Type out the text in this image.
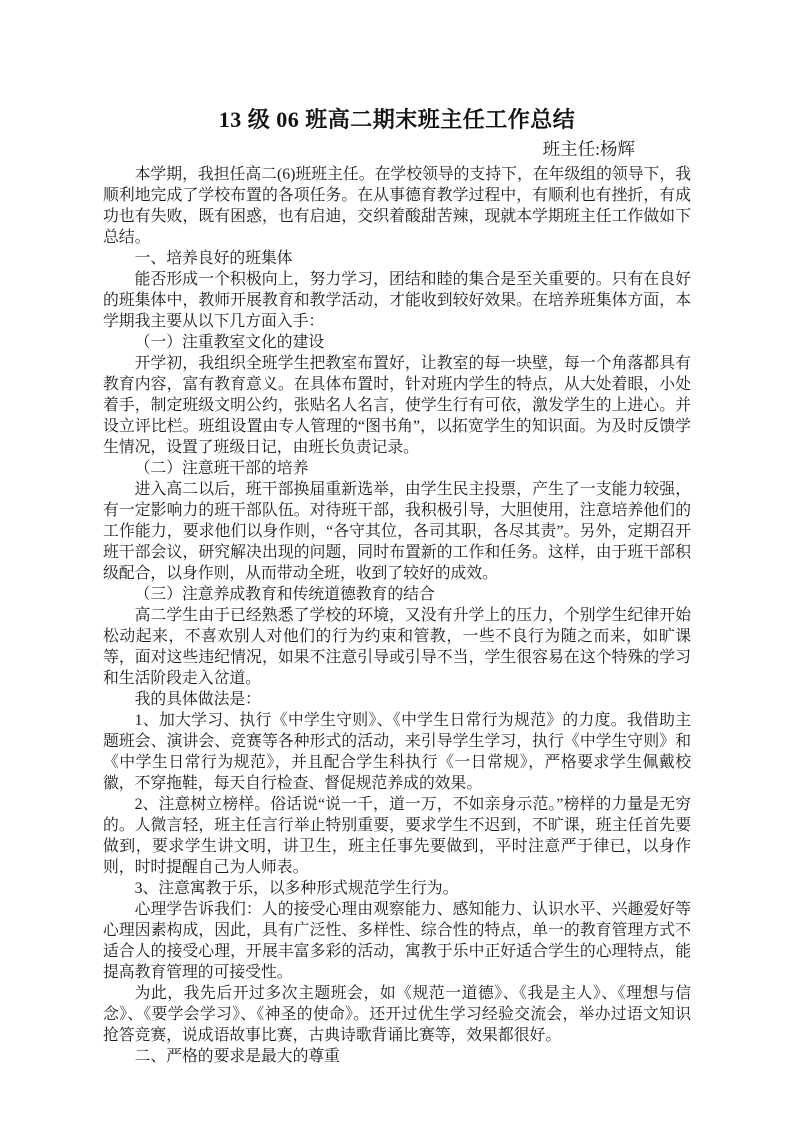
13 级 06 班高二期末班主任工作总结

班主任:杨辉

本学期，我担任高二(6)班班主任。在学校领导的支持下，在年级组的领导下，我顺利地完成了学校布置的各项任务。在从事德育教学过程中，有顺利也有挫折，有成功也有失败，既有困惑，也有启迪，交织着酸甜苦辣，现就本学期班主任工作做如下总结。

一、培养良好的班集体

能否形成一个积极向上，努力学习，团结和睦的集合是至关重要的。只有在良好的班集体中，教师开展教育和教学活动，才能收到较好效果。在培养班集体方面，本学期我主要从以下几方面入手：

（一）注重教室文化的建设

开学初，我组织全班学生把教室布置好，让教室的每一块壁，每一个角落都具有教育内容，富有教育意义。在具体布置时，针对班内学生的特点，从大处着眼，小处着手，制定班级文明公约，张贴名人名言，使学生行有可依，激发学生的上进心。并设立评比栏。班组设置由专人管理的“图书角”，以拓宽学生的知识面。为及时反馈学生情况，设置了班级日记，由班长负责记录。

（二）注意班干部的培养

进入高二以后，班干部换届重新选举，由学生民主投票，产生了一支能力较强，有一定影响力的班干部队伍。对待班干部，我积极引导，大胆使用，注意培养他们的工作能力，要求他们以身作则，“各守其位，各司其职，各尽其责”。另外，定期召开班干部会议，研究解决出现的问题，同时布置新的工作和任务。这样，由于班干部积级配合，以身作则，从而带动全班，收到了较好的成效。

（三）注意养成教育和传统道德教育的结合

高二学生由于已经熟悉了学校的环境，又没有升学上的压力，个别学生纪律开始松动起来，不喜欢别人对他们的行为约束和管教，一些不良行为随之而来，如旷课等，面对这些违纪情况，如果不注意引导或引导不当，学生很容易在这个特殊的学习和生活阶段走入岔道。

我的具体做法是：

1、加大学习、执行《中学生守则》、《中学生日常行为规范》的力度。我借助主题班会、演讲会、竞赛等各种形式的活动，来引导学生学习，执行《中学生守则》和《中学生日常行为规范》，并且配合学生科执行《一日常规》，严格要求学生佩戴校徽，不穿拖鞋，每天自行检查、督促规范养成的效果。

2、注意树立榜样。俗话说“说一千，道一万，不如亲身示范。”榜样的力量是无穷的。人微言轻，班主任言行举止特别重要，要求学生不迟到，不旷课，班主任首先要做到，要求学生讲文明，讲卫生，班主任事先要做到，平时注意严于律已，以身作则，时时提醒自己为人师表。

3、注意寓教于乐，以多种形式规范学生行为。

心理学告诉我们：人的接受心理由观察能力、感知能力、认识水平、兴趣爱好等心理因素构成，因此，具有广泛性、多样性、综合性的特点，单一的教育管理方式不适合人的接受心理，开展丰富多彩的活动，寓教于乐中正好适合学生的心理特点，能提高教育管理的可接受性。

为此，我先后开过多次主题班会，如《规范一道德》、《我是主人》、《理想与信念》、《要学会学习》、《神圣的使命》。还开过优生学习经验交流会，举办过语文知识抢答竞赛，说成语故事比赛，古典诗歌背诵比赛等，效果都很好。

二、严格的要求是最大的尊重
